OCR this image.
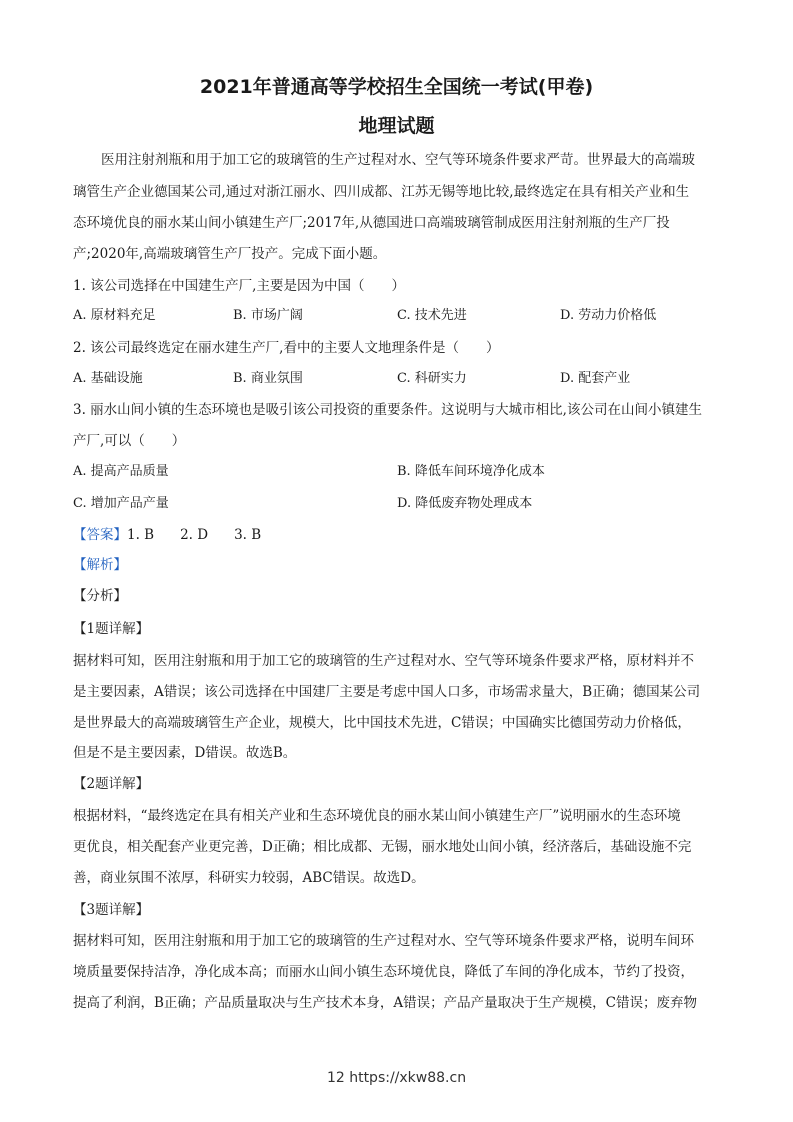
2021年普通高等学校招生全国统一考试(甲卷)
地理试题
医用注射剂瓶和用于加工它的玻璃管的生产过程对水、空气等环境条件要求严苛。世界最大的高端玻
璃管生产企业德国某公司,通过对浙江丽水、四川成都、江苏无锡等地比较,最终选定在具有相关产业和生
态环境优良的丽水某山间小镇建生产厂;2017年,从德国进口高端玻璃管制成医用注射剂瓶的生产厂投
产;2020年,高端玻璃管生产厂投产。完成下面小题。
1. 该公司选择在中国建生产厂,主要是因为中国（　　）
A. 原材料充足	B. 市场广阔	C. 技术先进	D. 劳动力价格低
2. 该公司最终选定在丽水建生产厂,看中的主要人文地理条件是（　　）
A. 基础设施	B. 商业氛围	C. 科研实力	D. 配套产业
3. 丽水山间小镇的生态环境也是吸引该公司投资的重要条件。这说明与大城市相比,该公司在山间小镇建生
产厂,可以（　　）
A. 提高产品质量	B. 降低车间环境净化成本
C. 增加产品产量	D. 降低废弃物处理成本
【答案】1. B 2. D 3. B
【解析】
【分析】
【1题详解】
据材料可知，医用注射瓶和用于加工它的玻璃管的生产过程对水、空气等环境条件要求严格，原材料并不
是主要因素，A错误；该公司选择在中国建厂主要是考虑中国人口多，市场需求量大，B正确；德国某公司
是世界最大的高端玻璃管生产企业，规模大，比中国技术先进，C错误；中国确实比德国劳动力价格低，
但是不是主要因素，D错误。故选B。
【2题详解】
根据材料，“最终选定在具有相关产业和生态环境优良的丽水某山间小镇建生产厂”说明丽水的生态环境
更优良，相关配套产业更完善，D正确；相比成都、无锡，丽水地处山间小镇，经济落后，基础设施不完
善，商业氛围不浓厚，科研实力较弱，ABC错误。故选D。
【3题详解】
据材料可知，医用注射瓶和用于加工它的玻璃管的生产过程对水、空气等环境条件要求严格，说明车间环
境质量要保持洁净，净化成本高；而丽水山间小镇生态环境优良，降低了车间的净化成本，节约了投资，
提高了利润，B正确；产品质量取决与生产技术本身，A错误；产品产量取决于生产规模，C错误；废弃物
12 https://xkw88.cn
